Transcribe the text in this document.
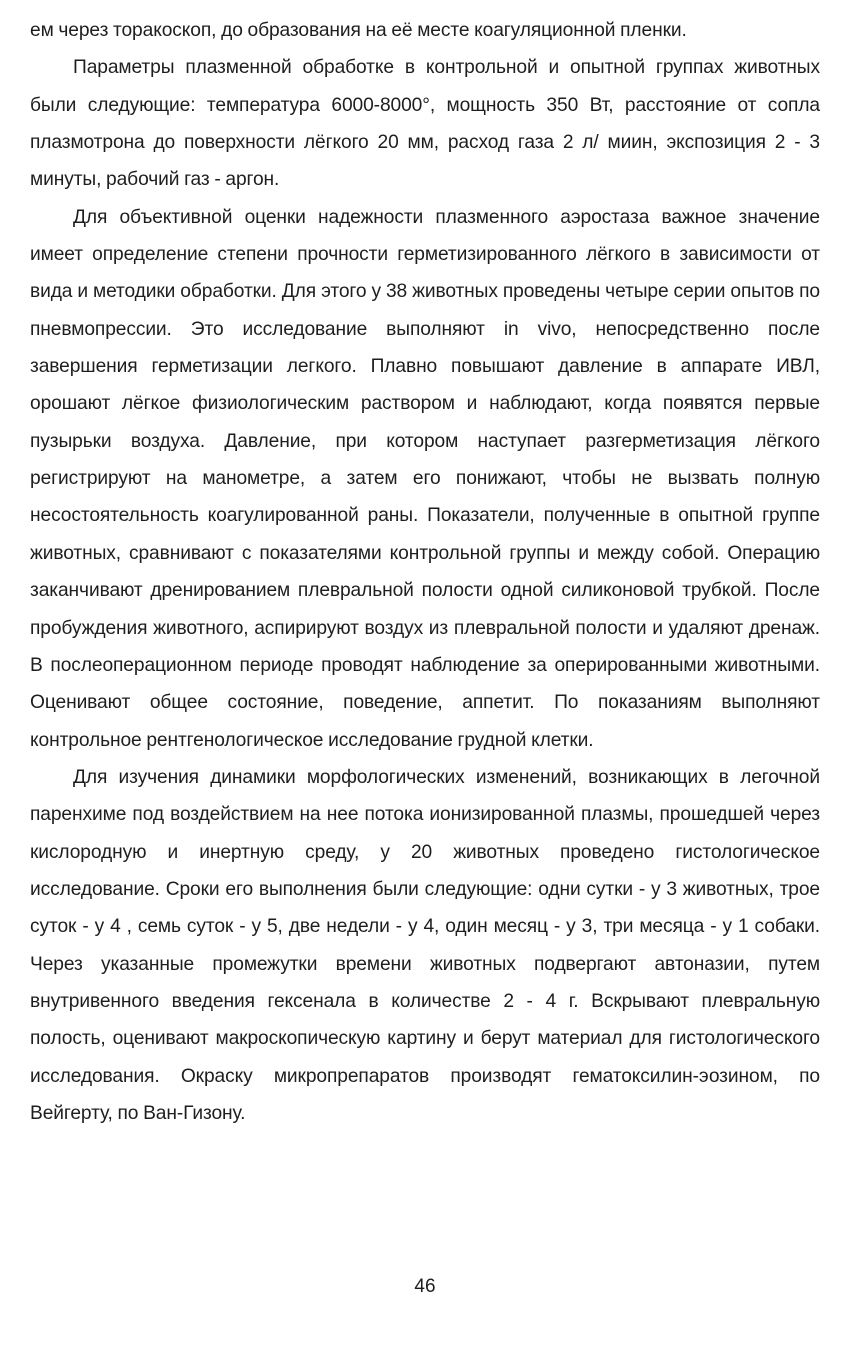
ем через торакоскоп, до образования на её месте коагуляционной пленки.

Параметры плазменной обработке в контрольной и опытной группах животных были следующие: температура 6000-8000°, мощность 350 Вт, расстояние от сопла плазмотрона до поверхности лёгкого 20 мм, расход газа 2 л/ миин, экспозиция 2 - 3 минуты, рабочий газ - аргон.

Для объективной оценки надежности плазменного аэростаза важное значение имеет определение степени прочности герметизированного лёгкого в зависимости от вида и методики обработки. Для этого у 38 животных проведены четыре серии опытов по пневмопрессии. Это исследование выполняют in vivo, непосредственно после завершения герметизации легкого. Плавно повышают давление в аппарате ИВЛ, орошают лёгкое физиологическим раствором и наблюдают, когда появятся первые пузырьки воздуха. Давление, при котором наступает разгерметизация лёгкого регистрируют на манометре, а затем его понижают, чтобы не вызвать полную несостоятельность коагулированной раны. Показатели, полученные в опытной группе животных, сравнивают с показателями контрольной группы и между собой. Операцию заканчивают дренированием плевральной полости одной силиконовой трубкой. После пробуждения животного, аспирируют воздух из плевральной полости и удаляют дренаж. В послеоперационном периоде проводят наблюдение за оперированными животными. Оценивают общее состояние, поведение, аппетит. По показаниям выполняют контрольное рентгенологическое исследование грудной клетки.

Для изучения динамики морфологических изменений, возникающих в легочной паренхиме под воздействием на нее потока ионизированной плазмы, прошедшей через кислородную и инертную среду, у 20 животных проведено гистологическое исследование. Сроки его выполнения были следующие: одни сутки - у 3 животных, трое суток - у 4 , семь суток - у 5, две недели - у 4, один месяц - у 3, три месяца - у 1 собаки. Через указанные промежутки времени животных подвергают автоназии, путем внутривенного введения гексенала в количестве 2 - 4 г. Вскрывают плевральную полость, оценивают макроскопическую картину и берут материал для гистологического исследования. Окраску микропрепаратов производят гематоксилин-эозином, по Вейгерту, по Ван-Гизону.

46
